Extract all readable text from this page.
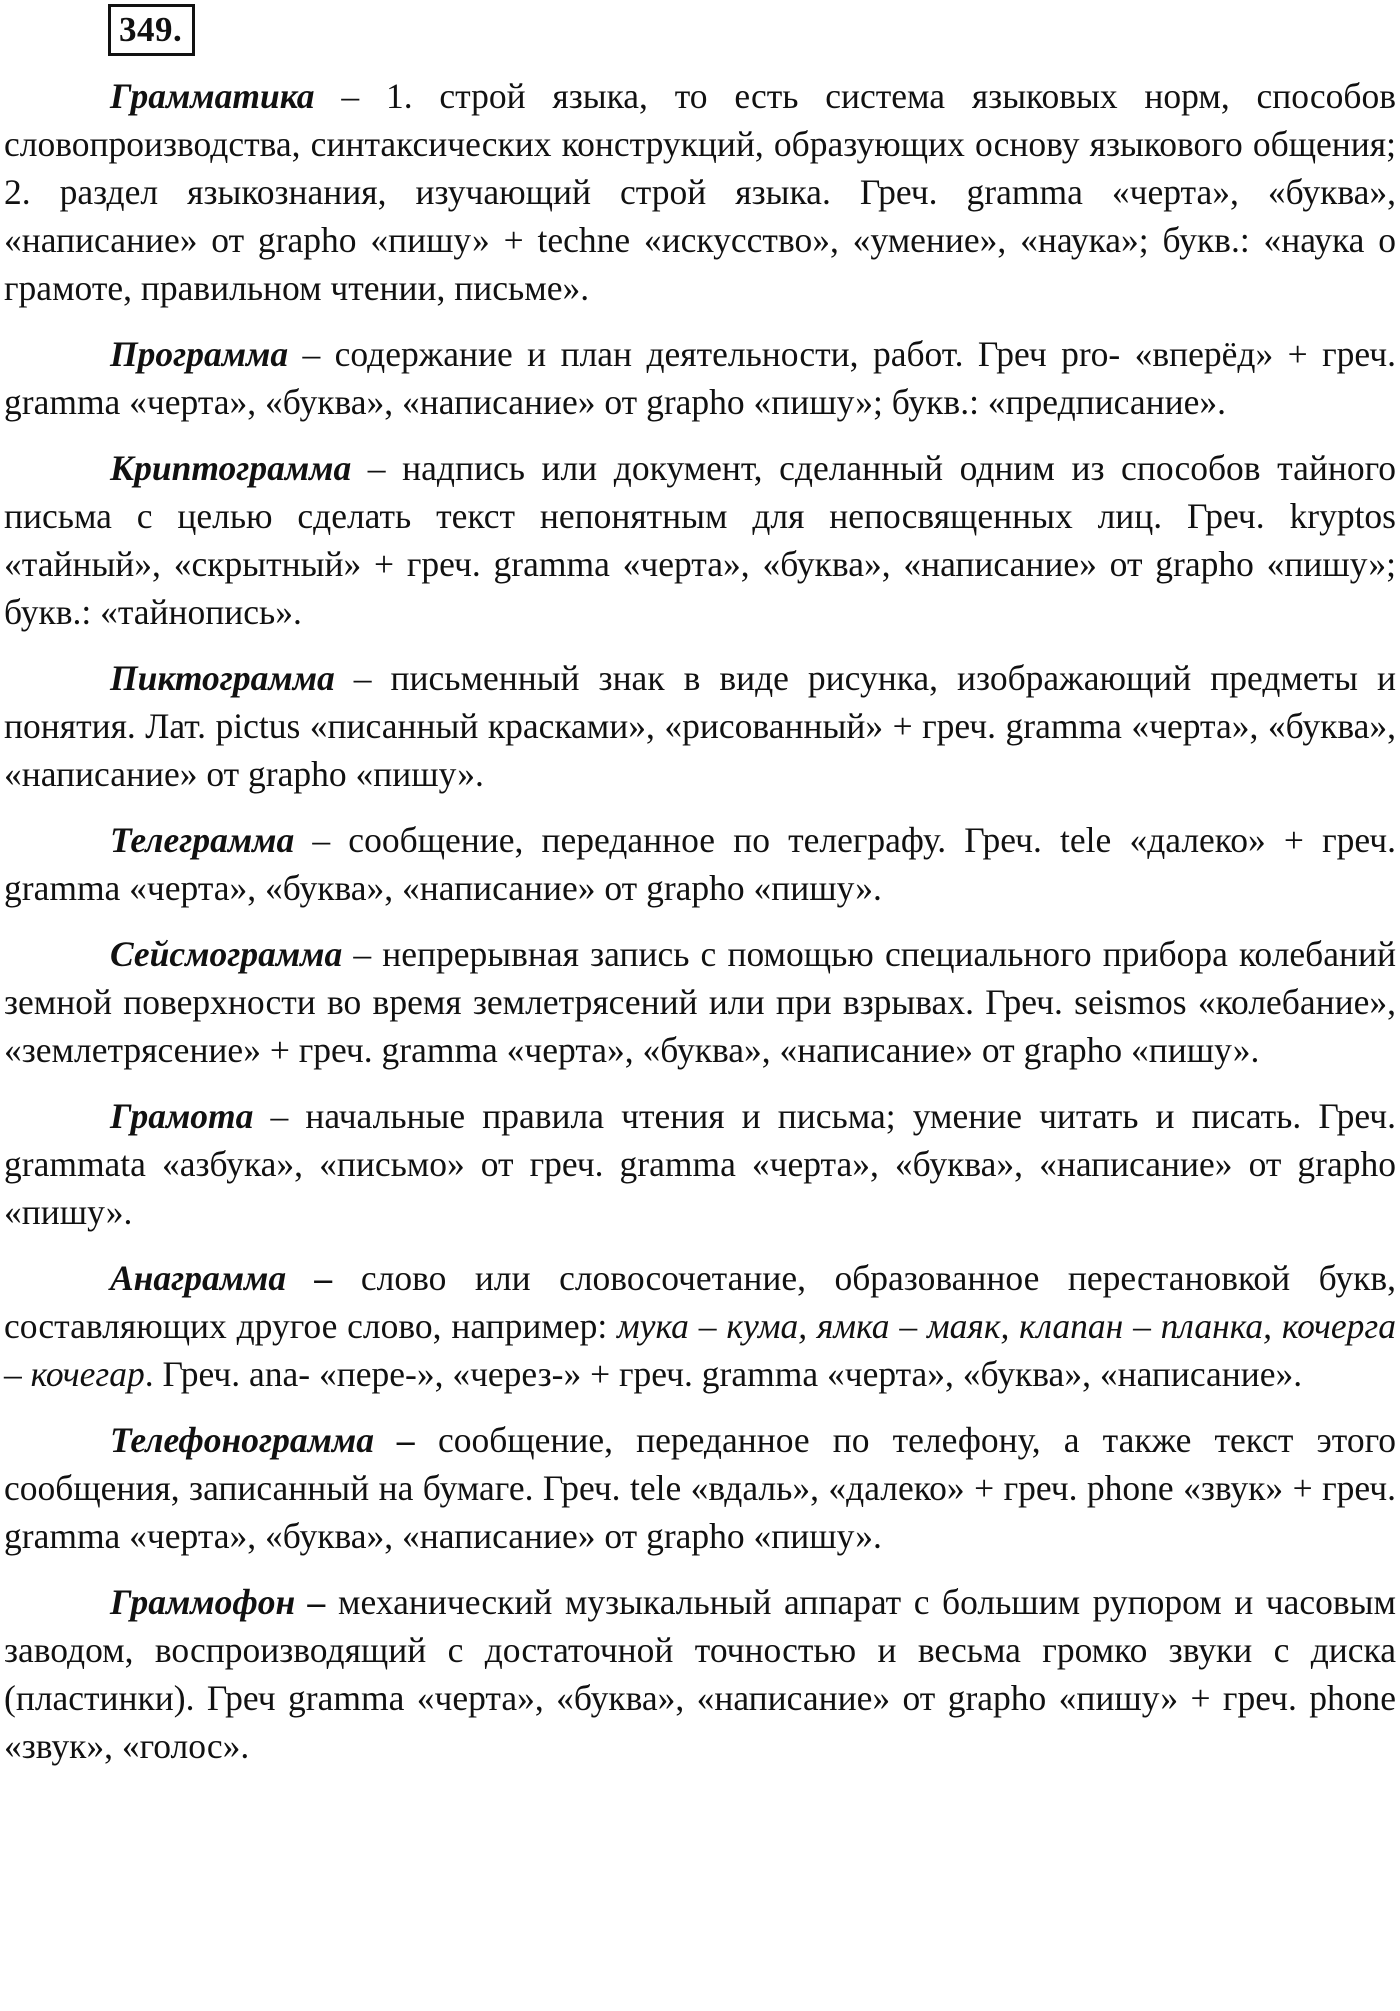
349.

Грамматика – 1. строй языка, то есть система языковых норм, способов словопроизводства, синтаксических конструкций, образующих основу языкового общения; 2. раздел языкознания, изучающий строй языка. Греч. gramma «черта», «буква», «написание» от grapho «пишу» + techne «искусство», «умение», «наука»; букв.: «наука о грамоте, правильном чтении, письме».

Программа – содержание и план деятельности, работ. Греч pro- «вперёд» + греч. gramma «черта», «буква», «написание» от grapho «пишу»; букв.: «предписание».

Криптограмма – надпись или документ, сделанный одним из способов тайного письма с целью сделать текст непонятным для непосвященных лиц. Греч. kryptos «тайный», «скрытный» + греч. gramma «черта», «буква», «написание» от grapho «пишу»; букв.: «тайнопись».

Пиктограмма – письменный знак в виде рисунка, изображающий предметы и понятия. Лат. pictus «писанный красками», «рисованный» + греч. gramma «черта», «буква», «написание» от grapho «пишу».

Телеграмма – сообщение, переданное по телеграфу. Греч. tele «далеко» + греч. gramma «черта», «буква», «написание» от grapho «пишу».

Сейсмограмма – непрерывная запись с помощью специального прибора колебаний земной поверхности во время землетрясений или при взрывах. Греч. seismos «колебание», «землетрясение» + греч. gramma «черта», «буква», «написание» от grapho «пишу».

Грамота – начальные правила чтения и письма; умение читать и писать. Греч. grammata «азбука», «письмо» от греч. gramma «черта», «буква», «написание» от grapho «пишу».

Анаграмма – слово или словосочетание, образованное перестановкой букв, составляющих другое слово, например: мука – кума, ямка – маяк, клапан – планка, кочерга – кочегар. Греч. ana- «пере-», «через-» + греч. gramma «черта», «буква», «написание».

Телефонограмма – сообщение, переданное по телефону, а также текст этого сообщения, записанный на бумаге. Греч. tele «вдаль», «далеко» + греч. phone «звук» + греч. gramma «черта», «буква», «написание» от grapho «пишу».

Граммофон – механический музыкальный аппарат с большим рупором и часовым заводом, воспроизводящий с достаточной точностью и весьма громко звуки с диска (пластинки). Греч gramma «черта», «буква», «написание» от grapho «пишу» + греч. phone «звук», «голос».
